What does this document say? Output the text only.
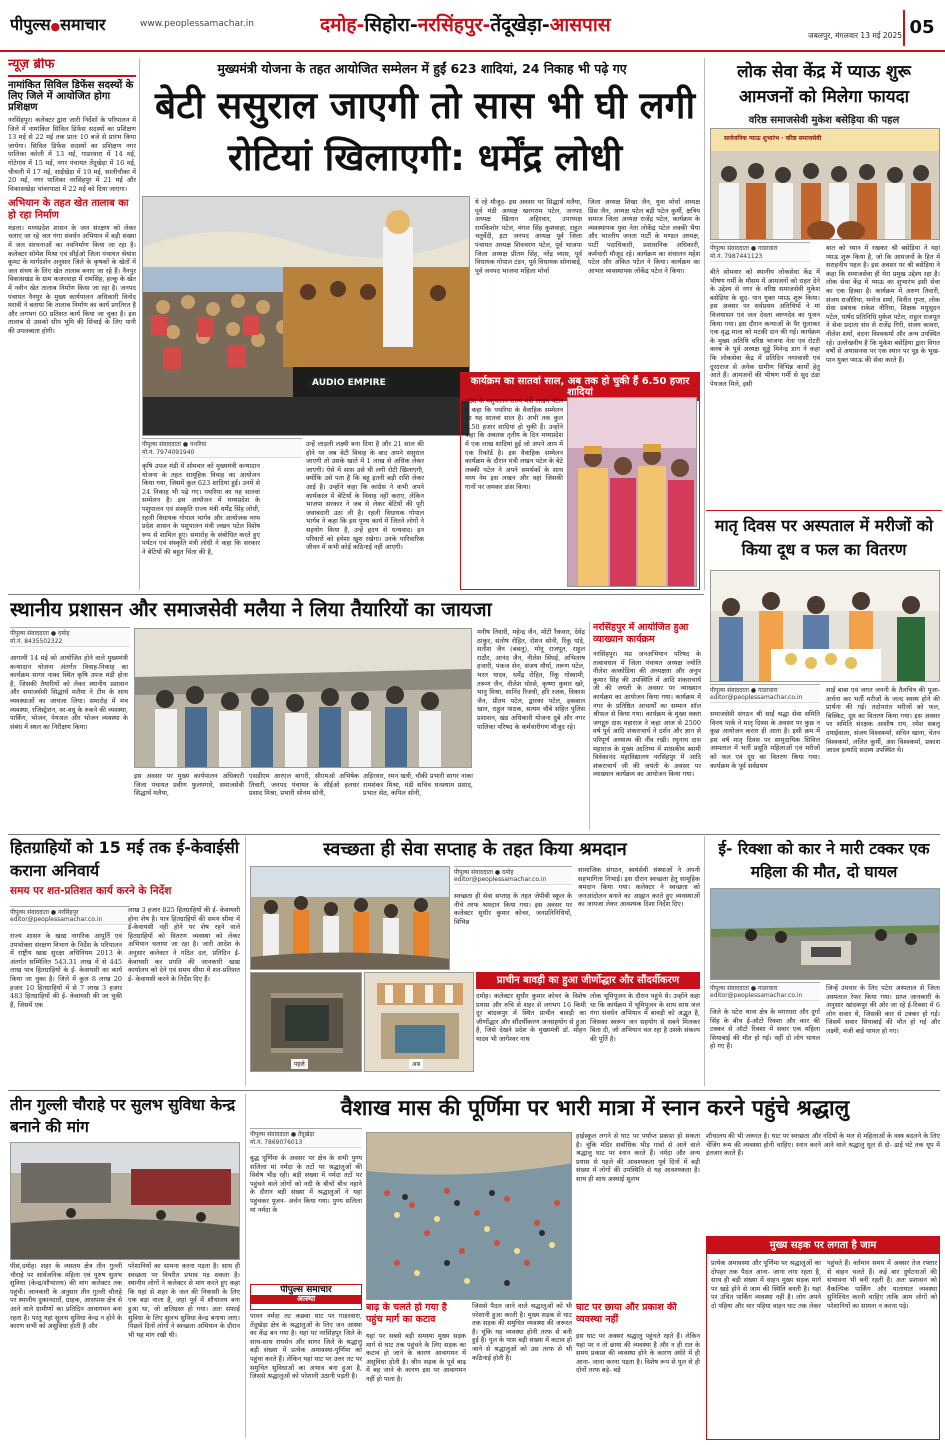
पीपुल्स●समाचार	www.peoplessamachar.in	दमोह-सिहोरा-नरसिंहपुर-तेंदूखेड़ा-आसपास	जबलपुर, मंगलवार 13 मई 2025 05
न्यूज़ ब्रीफ
नामांकित सिविल डिफेंस सदस्यों के लिए जिले में आयोजित होगा प्रशिक्षण
नरसिंहपुर। कलेक्टर द्वारा जारी निर्देशों के परिपालन में जिले में नामांकित सिविल डिफेंस सदस्यों का प्रशिक्षण 13 मई से 22 मई तक प्रातः 10 बजे से प्रारंभ किया जायेगा। सिविल डिफेंस सदस्यों का प्रशिक्षण नगर पालिका करेली में 13 मई, गाडरवारा में 14 मई, गोटेगांव में 15 मई, नगर पंचायत तेंदूखेड़ा में 16 मई, चीचली में 17 मई, साईंखेड़ा में 19 मई, सालीचौका में 20 मई, नगर पालिका नरसिंहपुर में 21 मई और चिकासखेड़ा चांवरपाठा में 22 मई को दिया जाएगा।
अभियान के तहत खेत तालाब का हो रहा निर्माण
मंडला। मध्यप्रदेश शासन के जल संरक्षण को लेकर चलाए जा रहे जल गंगा संवर्धन अभियान में बड़ी संख्या में जल संरचनाओं का नवनिर्माण किया जा रहा है। कलेक्टर सोमेश मिश्रा एवं सीईओ जिला पंचायत श्रेयांश कूमट के मार्गदर्शन अनुसार जिले के कृषकों के खेतों में जल संचय के लिए खेत तालाब बनाए जा रहे हैं। नैनपुर विकासखंड के ग्राम कजरवाड़ा में रामसिंह, हल्कू के खेत में नवीन खेत तालाब निर्माण किया जा रहा है। जनपद पंचायत नैनपुर के मुख्य कार्यपालन अधिकारी विनोद मरावी ने बताया कि तालाब निर्माण का कार्य प्रगतिरत है और लगभग 60 प्रतिशत कार्य किया जा चुका है। इस तालाब से उसको सीप भूमि की सिंचाई के लिए पानी की उपलब्धता होगी।
मुख्यमंत्री योजना के तहत आयोजित सम्मेलन में हुईं 623 शादियां, 24 निकाह भी पढ़े गए
बेटी ससुराल जाएगी तो सास भी घी लगी रोटियां खिलाएगी: धर्मेंद्र लोधी
AUDIO EMPIRE
पीपुल्स संवाददाता ● पथरिया
मो.नं. 7974091940
कृषि उपज मंडी में सोमवार को मुख्यमंत्री कन्यादान योजना के तहत सामूहिक विवाह का आयोजन किया गया, जिसमें कुल 623 शादियां हुईं। उनमें से 24 निकाह भी पढ़े गए। पथरिया का यह सातवां सम्मेलन है। इस आयोजन में मध्यप्रदेश के पशुपालन एवं संस्कृति राज्य मंत्री धर्मेंद्र सिंह लोधी, रहली विधायक गोपाल भार्गव और आयोजक मध्य प्रदेश शासन के पशुपालन मंत्री लखन पटेल विशेष रूप से शामिल हुए। समारोह के संबोधित करते हुए पर्यटन एवं संस्कृति मंत्री लोधी ने कहा कि सरकार ने बेटियों की बहुत चिंता की है,
उन्हें लाड़ली लक्ष्मी बना दिया है और 21 साल की होने पर जब बेटी विवाह के बाद अपने ससुराल जाएगी तो उसके खाते में 1 लाख से अधिक लेकर जाएगी। ऐसे में सास उसे घी लगी रोटी खिलाएगी, क्योंकि उसे पता है कि बहू इतनी बड़ी राशि लेकर आई है। उन्होंने कहा कि कांग्रेस ने कभी अपने कार्यकाल में बेटियों के विवाह नहीं कराए, लेकिन भाजपा सरकार ने जब से लेकर बेटियों की पूरी जवाबदारी उठा ली है। रहली विधायक गोपाल भार्गव ने कहा कि इस पुण्य कार्य में जितने लोगों ने सहयोग किया है, उन्हें हृदय से धन्यवाद। इन परिवारों को हमेशा खुश रखेगा। उनके पारिवारिक जीवन में कभी कोई कठिनाई नहीं आएगी।
ये रहे मौजूद- इस अवसर पर सिद्धार्थ मलैया, पूर्व मंडी अध्यक्ष खरगराम पटेल, जनपद अध्यक्ष खिलान अहिरवार, उपाध्यक्ष रामकिशोर पटेल, मंगल सिंह कुशवाहा, राहुल चतुर्वेदी, इटा जनपद अध्यक्ष पूर्व जिला पंचायत अध्यक्ष शिवचरण पटेल, पूर्व भाजपा जिला अध्यक्ष प्रीतम सिंह, नरेंद्र व्यास, पूर्व विधायक गोपाल टंडन, पूर्व विधायक सोनाबाई, पूर्व जनपद भाजपा महिला मोर्चा
जिला अध्यक्ष शिखा जैन, युवा मोर्चा अध्यक्ष प्रिंस जैन, अध्यक्ष पटेल बद्री पटेल कुर्मी, क्षत्रिय समाज जिला अध्यक्ष राजेंद्र पटेल, कार्यक्रम के व्यवस्थापक युवा नेता लोकेंद्र पटेल लक्की भैया और भारतीय जनता पार्टी के मण्डल अध्यक्ष, पार्टी पदाधिकारी, प्रशासनिक अधिकारी, कर्मचारी मौजूद रहे। कार्यक्रम का संचालन महेश पटेल और अंकित पटेल ने किया। कार्यक्रम का आभार व्यवस्थापक लोकेंद्र पटेल ने किया।
कार्यक्रम का सातवां साल, अब तक हो चुकी हैं 6.50 हजार शादियां
प्रदेश के पशुपालन राज्य मंत्री लखन पटेल ने कहा कि पथरिया के वैवाहिक सम्मेलन का यह सातवां साल है। अभी तक कुल 6.50 हजार शादियां हो चुकी हैं। उन्होंने कहा कि अबतक तृतीय के दिन मध्यप्रदेश में एक लाख शादियां हुई जो अपने आप में एक रिकॉर्ड है। इस वैवाहिक सम्मेलन कार्यक्रम के दौरान मंत्री लखन पटेल के बेटे लक्की पटेल ने अपने समर्थकों के साथ मध्य नेम इस लखन और वहां जिसकी गानों पर जमकर डांस किया।
लोक सेवा केंद्र में प्याऊ शुरू आमजनों को मिलेगा फायदा
वरिष्ठ समाजसेवी मुकेश बसेड़िया की पहल
सार्वजनिक प्याऊ शुभारंभ · वरिष्ठ समाजसेवी
पीपुल्स संवाददाता ● गाडरवारा
मो.नं. 7987441123
बीते सोमवार को स्थानीय लोकसेवा केंद्र में भीषण गर्मी के मौसम में आमजनों को राहत देने के उद्देश्य से नगर के वरिष्ठ समाजसेवी मुकेश बसेड़िया के सुद- पान युक्त प्याऊ शुरू किया। इस अवसर पर सर्वप्रथम अतिथियों ने मां विजयासन एवं जल देवता वरुणदेव का पूजन किया गया। इस दौरान कन्याओं के पैर धुलाकर एक वृद्ध माता को मटकी दान की गई। कार्यक्रम के मुख्य अतिथि वरिष्ठ भाजपा नेता एवं रोटरी क्लब के पूर्व अध्यक्ष सुड्डे मिनेन्द्र डाग ने कहा कि लोकसेवा केंद्र में प्रतिदिन नगरवासी एवं दूरदराज से अनेक ग्रामीण विभिन्न कार्यों हेतु आते हैं। आमजनों की भीषण गर्मी से सुद ठंडा पेयजल मिले, इसी
बात को ध्यान में रखकर श्री बसेड़िया ने यहां प्याऊ शुरू किया है, जो कि आमजनों के हित में सराहनीय पहल है। इस अवसर पर श्री बसेड़िया ने कहा कि समाजसेवा ही मेरा प्रमुख उद्देश्य रहा है। लोक सेवा केंद्र में प्याऊ का शुभारंभ इसी सेवा का एक हिस्सा है। कार्यक्रम में अरुण तिवारी, संजय राजौरिया, मनोज शर्मा, विनीत गुप्ता, लोक सेवा प्रबंधक राकेश नौरिया, शिक्षक मधुसूदन पटेल, पार्षद प्रतिनिधि मुकेश पटेल, राहुल राजपूत ने सेवा प्रदाता संघ से राजेंद्र गिरी, संजय कावरा, नीलेश शर्मा, वंदना विश्वकर्मा और अन्य उपस्थित रहे। उल्लेखनीय है कि मुकेश बसेड़िया द्वारा विगत वर्षों से अयासनवा पर एक स्थान पर पूड़ के भूख- पान युक्त प्याऊ की सेवा करते हैं।
मातृ दिवस पर अस्पताल में मरीजों को किया दूध व फल का वितरण
पीपुल्स संवाददाता ● गाडरवारा
editor@peoplessamachar.co.in
समाजसेवी संगठन श्री साईं श्रद्धा सेवा समिति विनय पार्क ने मातृ दिवस के अवसर पर कुछ न कुछ आयोजन करता ही आता है। इसी क्रम में इस वर्ष मातृ दिवस पर सामुदायिक सिविल अस्पताल में भर्ती प्रसूति महिलाओं एवं मरीजों को फल एवं दूध का वितरण किया गया। कार्यक्रम के पूर्व सर्वप्रथम
साईं बाबा एवं जगत जननी के तैलचित्र की पूजा-अर्चना कर भर्ती मरीजों के जल्द स्वस्थ होने की प्रार्थना की गई। तदोपरांत मरीजों को फल, बिस्किट, दूध का वितरण किया गया। इस अवसर पर समिति संरक्षक आशीष राय, रमेश सबलू दयाईवाला, संजय विश्वकर्मा, सचिन खाना, चेतन विश्वकर्मा, ललित कुर्मी, अंश विश्वकर्मा, प्रकाश जादव इत्यादि सदस्य उपस्थित थे।
स्थानीय प्रशासन और समाजसेवी मलैया ने लिया तैयारियों का जायजा
पीपुल्स संवाददाता ● दमोह
मो.नं. 8435502322
आगामी 14 मई को आयोजित होने वाले मुख्यमंत्री कन्यादान योजना अंतर्गत विवाह-निकाह का कार्यक्रम सागर नाका स्थित कृषि उपज मंडी होना है, जिसकी तैयारियों को लेकर स्थानीय प्रशासन और समाजसेवी सिद्धार्थ मलैया ने टीम के साथ व्यवस्थाओं का जायजा लिया। समारोह में मंच व्यवस्था, रजिस्ट्रेशन, वर-वधू के रुकने की व्यवस्था, पार्किंग, भोजन, पेयजल और भोजन व्यवस्था के संबंध में स्थल का निरीक्षण किया।
इस अवसर पर मुख्य कार्यपालन अधिकारी जिला पंचायत प्रवीण फुलपगारे, समाजसेवी सिद्धार्थ मलैया,
एसडीएम आरएल बागरी, सीएमओ अभिषेक तिवारी, जनपद पंचायत के सीईओ हलधर प्रसाद मिश्रा, प्रभारी सोनम सोनी,
अहिरवार, रमन खत्री, चौकी प्रभारी सागर नाका रामशंकर मिश्रा, मंडी सचिव घनश्याम प्रसाद, प्रभात सेठ, कपिल सोनी,
मनीष तिवारी, महेन्द्र जैन, मोंटी रैकवार, देवेंद्र ठाकुर, संतोष रोहित, रोशन सोनी, रिंकू पांडे, सतीश जैन (बबलू), मोनू राजपूत, राहुल राठौर, आनंद जैन, नीलेश सिंघई, अभिलाष हजारी, पंकज सेन, संजय मौर्या, तरूण पटेल, भरत यादव, धर्मेंद्र रोहित, रिंकू गोस्वामी, तरूण जैन, नीलेश घोरसे, कृष्णा कुमार खरे, भानु मिश्रा, सानिंद रिजवी, हरि रजक, विकास जैन, प्रीतम पटेल, द्वारका पटेल, इकबाल खान, राहुल पाठक, सत्यम चौबे सहित पुलिस प्रशासन, खंड अधिकारी योजना दुबे और नगर पालिका परिषद के कर्मचारीगण मौजूद रहे।
नरसिंहपुर में आयोजित हुआ व्याख्यान कार्यक्रम
नरसिंहपुर। मप्र जनअभियान परिषद के तत्वावधान में जिला पंचायत अध्यक्ष ज्योति नीलेश काकोडिया की अध्यक्षता और अनूप कुमार सिंह की उपस्थिति में आदि शंकराचार्य जी की जयंती के अवसर पर व्याख्यान कार्यक्रम का आयोजन किया गया। कार्यक्रम में नगर के प्रतिष्ठित आचार्यों का सम्मान शॉल श्रीफल से किया गया। कार्यक्रम के मुख्य वक्ता जगद्गुरु दास महाराज ने कहा आज से 2500 वर्ष पूर्व आदि शंकराचार्य ने दर्शन और ज्ञान से परिपूर्ण अध्यात्म की नींव रखी। रघुनाथ दास महाराज के मुख्य आतिथ्य में शासकीय स्वामी विवेकानंद महाविद्यालय नरसिंहपुर में आदि शंकराचार्य जी की जयंती के अवसर पर व्याख्यान कार्यक्रम का आयोजन किया गया।
हितग्राहियों को 15 मई तक ई-केवाईसी कराना अनिवार्य
समय पर शत-प्रतिशत कार्य करने के निर्देश
पीपुल्स संवाददाता ● नरसिंहपुर
editor@peoplessamachar.co.in
राज्य शासन के खाद्य नागरिक आपूर्ति एवं उपभोक्ता संरक्षण विभाग के निर्देश के परिपालन में राष्ट्रीय खाद्य सुरक्षा अधिनियम 2013 के अंतर्गत सम्मिलित 543.31 लाख में से 445 लाख पात्र हितग्राहियों के ई- केवायसी का कार्य किया जा चुका है। जिले में कुल 8 लाख 20 हजार 10 हितग्राहियों में से 7 लाख 3 हजार 483 हितग्राहियों की ई- केवायसी की जा चुकी है, जिसमें एक
लाख 3 हजार 825 हितग्राहियों की ई- केवायसी होना शेष है। पात्र हितग्राहियों की समय सीमा में ई-केवायसी नहीं होने पर शेष रहने वाले हितग्राहियों को वितरण व्यवस्था को लेकर अभियान चलाया जा रहा है। जारी आदेश के अनुसार कलेक्टर ने गठित दल, प्रतिदिन ई-केवायसी कर प्रगति की जानकारी खाद्य कार्यालय को देने एवं समय सीमा में शत-प्रतिशत ई- केवायसी करने के निर्देश दिए हैं।
स्वच्छता ही सेवा सप्ताह के तहत किया श्रमदान
पीपुल्स संवाददाता ● दमोह
editor@peoplessamachar.co.in
स्वच्छता ही सेवा सप्ताह के तहत जेपीबी स्कूल के नीचे तरफ श्रमदान किया गया। इस अवसर पर कलेक्टर सुधीर कुमार कोचर, जनप्रतिनिधियों, विभिन्न
सामाजिक संगठन, स्वयंसेवी संस्थाओं ने अपनी सहभागिता निभाई। इस दौरान स्वच्छता हेतु सामूहिक श्रमदान किया गया। कलेक्टर ने स्वच्छता को जनआंदोलन बनाने का आह्वान करते हुए व्यवस्थाओं का जायजा लेकर आवश्यक दिशा निर्देश दिए।
प्राचीन बावड़ी का हुआ जीर्णोद्धार और सौंदर्यीकरण
पहले	अब
दमोह। कलेक्टर सुधीर कुमार कोचर के विशेष प्रयास और रुचि से शहर से लगभग 16 किमी दूर बांदकपुर में स्थित प्राचीन बावड़ी का जीर्णोद्धार और सौंदर्यीकरण जनसहयोग से हुआ है, जिसे देखने प्रदेश के मुख्यमंत्री डॉ. मोहन यादव भी जागेश्वर नाथ
लोक भूमिपूजन के दौरान पहुंचे थे। उन्होंने कहा था कि कार्यक्रम में भूमिपूजन के साथ साथ जल गंगा संवर्धन अभियान में बावड़ी को अद्भुत है, जिसका स्वरूप जन सहयोग से सबने मिलकर बिता दी, जो अभियान चल रहा है उसके संकल्प की पूर्ति है।
ई- रिक्शा को कार ने मारी टक्कर एक महिला की मौत, दो घायल
पीपुल्स संवाददाता ● गाडरवारा
editor@peoplessamachar.co.in
जिले के पटेरा थाना क्षेत्र के मगरधरा और दुर्गा सिंह के बीच ई-ऑटो रिक्शा और कार की टक्कर से ऑटो रिक्शा में सवार एक महिला सियाबाई की मौत हो गई। वहीं दो लोग घायल हो गए हैं।
जिन्हें उपचार के लिए पटेरा अस्पताल से जिला अस्पताल रेफर किया गया। प्राप्त जानकारी के अनुसार खांदकपुर की ओर जा रहे ई-रिक्शा में 6 लोग सवार थे, जिसकी कार से टक्कर हो गई। जिसमें सवार सियाबाई की मौत हो गई और लक्ष्मी, मंजी बाई घायल हो गए।
तीन गुल्ली चौराहे पर सुलभ सुविधा केन्द्र बनाने की मांग
पीसं,दमोह। शहर के व्यस्तम क्षेत्र तीन गुल्ली चौराहे पर सार्वजनिक महिला एवं पुरुष सुलभ सुविधा (केन्द्र/शौचालय) की मांग कलेक्टर तक पहुंची। जानकारी के अनुसार तीन गुल्ली चौराहे पर स्थानीय दुकानदारों, ग्राहक, आसपास क्षेत्र से आने वाले ग्रामीणों का प्रतिदिन आवागमन बना रहता है। परंतु यहां सुलभ सुविधा केन्द्र न होने के कारण सभी को असुविधा होती है और
परेशानियों का सामना करना पड़ता है। साथ ही स्वच्छता पर विपरीत प्रभाव पड़ सकता है। स्थानीय लोगों ने कलेक्टर से मांग करते हुए कहा कि यहां से शहर के जल की निकासी के लिए एक बड़ा नाला है, जहां पूर्व में शौचालय बना हुआ था, जो क्षतिग्रस्त हो गया। अतः सफाई सुविधा के लिए सुलभ सुविधा केन्द्र बनाया जाए। पिछले दिनों लोगों ने स्वच्छता अभियान के दौरान भी यह मांग रखी थी।
वैशाख मास की पूर्णिमा पर भारी मात्रा में स्नान करने पहुंचे श्रद्धालु
पीपुल्स संवाददाता ● तेंदूखेड़ा
मो.नं. 7869076013
बुद्ध पूर्णिमा के अवसर पर क्षेत्र के सभी पुण्य सलिला मां नर्मदा के तटों पर श्रद्धालुओं की विशेष भीड़ रही। बड़ी संख्या में नर्मदा तटों पर पहुंचने वाले लोगों को नदी के बीचों बीच नहाने के दौरान बड़ी संख्या में श्रद्धालुओं ने यहां पहुंचकर पूजन- अर्चन किया गया। पुण्य सलिला मां नर्मदा के
पीपुल्स समाचार
आस्था
पावन नर्मदा तट कछवा घाट पर गाडरवारा, तेंदूखेड़ा क्षेत्र के श्रद्धालुओं के लिए जन आस्था का केंद्र बन गया है। यहां पर नरसिंहपुर जिले के साथ-साथ रायसेन और सागर जिले के श्रद्धालु बड़ी संख्या में प्रत्येक अमावस्या-पूर्णिमा को पहुंचा करते हैं। लेकिन यहां घाट पर उत्तर तट पर समुचित सुविधाओं का अभाव बना हुआ है, जिससे श्रद्धालुओं को परेशानी उठानी पड़ती है।
हाईस्कूल लगने से घाट पर पर्याप्त प्रकाश हो सकता है। चूंकि मंदिर सर्वाधिक भीड़ गांवों से आने वाले श्रद्धालु घाट पर स्नान करते हैं। नर्मदा और अन्य प्रयास से पहले की आवश्यकता पूर्व दिनों में बड़ी संख्या में लोगों की उपस्थिति से यह आवश्यकता है। साथ ही साथ अस्थाई सुलभ
शौचालय की भी जरूरत है। घाट पर स्वच्छता और नदियों के मल से महिलाओं के वस्त्र बदलने के लिए चेंजिंग रूम की व्यवस्था होनी चाहिए। स्नान करने आने वाले श्रद्धालु धूल से दो- ढाई घंटे तक धूप में इंतजार करते हैं।
बाढ़ के चलते हो गया है पहुंच मार्ग का कटाव
यहां पर सबसे बड़ी समस्या मुख्य सड़क मार्ग से घाट तक पहुंचने के लिए सड़क का कटाव हो जाने के कारण आवागमन में असुविधा होती है। श्रीप सड़क के पूर्व बाढ़ में बह जाने के कारण इस पर आवागमन नहीं हो पाता है।
जिससे पैदल जाने वाले श्रद्धालुओं को भी परेशानी हुआ करती है। मुख्य सड़क से घाट तक सड़क की समुचित व्यवस्था की जरूरत है। चूंकि यह व्यवस्था होनी तरफ से बनी हुई है। पुल के पास बड़ी संख्या में कटाव हो जाने से श्रद्धालुओं को उस तरफ से भी कठिनाई होती है।
घाट पर छाया और प्रकाश की व्यवस्था नहीं
इस घाट पर अक्सर श्रद्धालु पहुंचते रहते हैं। लेकिन यहां पर न तो छाया की व्यवस्था है और न ही रात के समय प्रकाश की व्यवस्था होने के कारण अंधेरे में ही आना- जाना करना पड़ता है। विशेष रूप से पुल से ही दोनों तरफ बड़े- बड़े
मुख्य सड़क पर लगता है जाम
प्रत्येक अमावस्या और पूर्णिमा पर श्रद्धालुओं का दोपहर तक पैदल आना- जाना लगा रहता है, साथ ही बड़ी संख्या में वाहन मुख्य सड़क मार्ग पर खड़े होने से जाम की स्थिति बनती है। यहां पर उचित पार्किंग व्यवस्था नहीं है। लोग अपने दो पहिया और चार पहिया वाहन घाट तक लेकर
पहुंचते हैं। वर्तमान समय में अक्सर तेज रफ्तार से वाहन चलते हैं। कई बार दुर्घटनाओं की संभावना भी बनी रहती है। अतः प्रशासन को वैकल्पिक पार्किंग और यातायात व्यवस्था सुनिश्चित करनी चाहिए ताकि आम लोगों को परेशानियों का सामना न करना पड़े।
